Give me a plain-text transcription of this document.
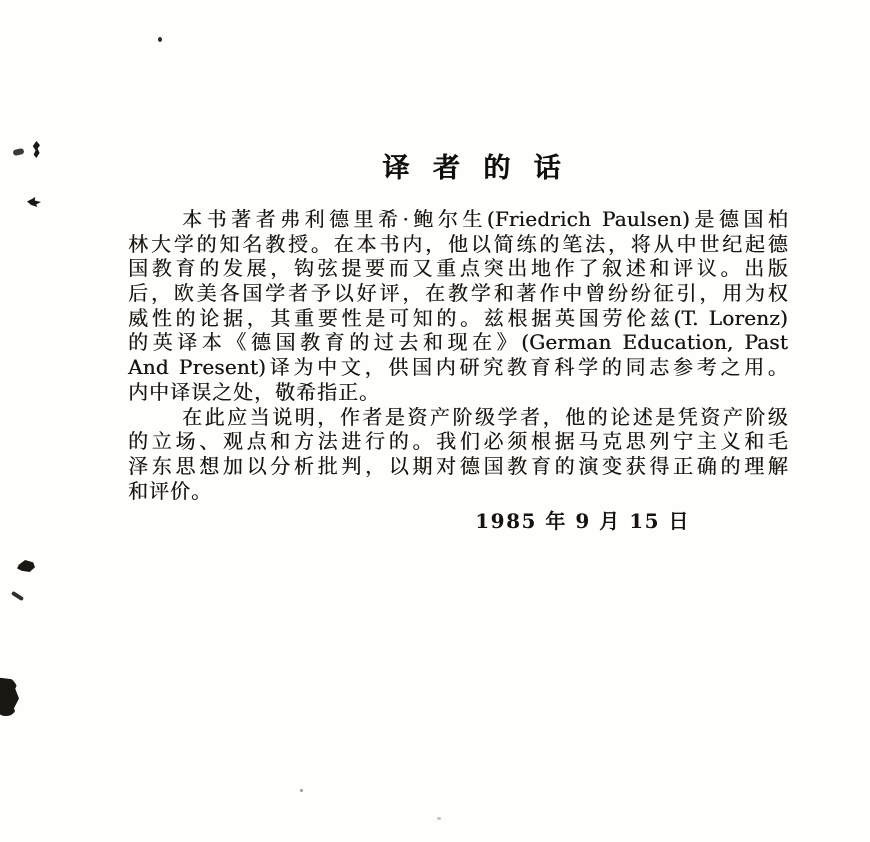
译 者 的 话
本书著者弗利德里希·鲍尔生(Friedrich Paulsen)是德国柏
林大学的知名教授。在本书内，他以简练的笔法，将从中世纪起德
国教育的发展，钩弦提要而又重点突出地作了叙述和评议。出版
后，欧美各国学者予以好评，在教学和著作中曾纷纷征引，用为权
威性的论据，其重要性是可知的。兹根据英国劳伦兹(T. Lorenz)
的英译本《德国教育的过去和现在》(German Education, Past
And Present)译为中文，供国内研究教育科学的同志参考之用。
内中译误之处，敬希指正。
在此应当说明，作者是资产阶级学者，他的论述是凭资产阶级
的立场、观点和方法进行的。我们必须根据马克思列宁主义和毛
泽东思想加以分析批判，以期对德国教育的演变获得正确的理解
和评价。
1985 年 9 月 15 日
